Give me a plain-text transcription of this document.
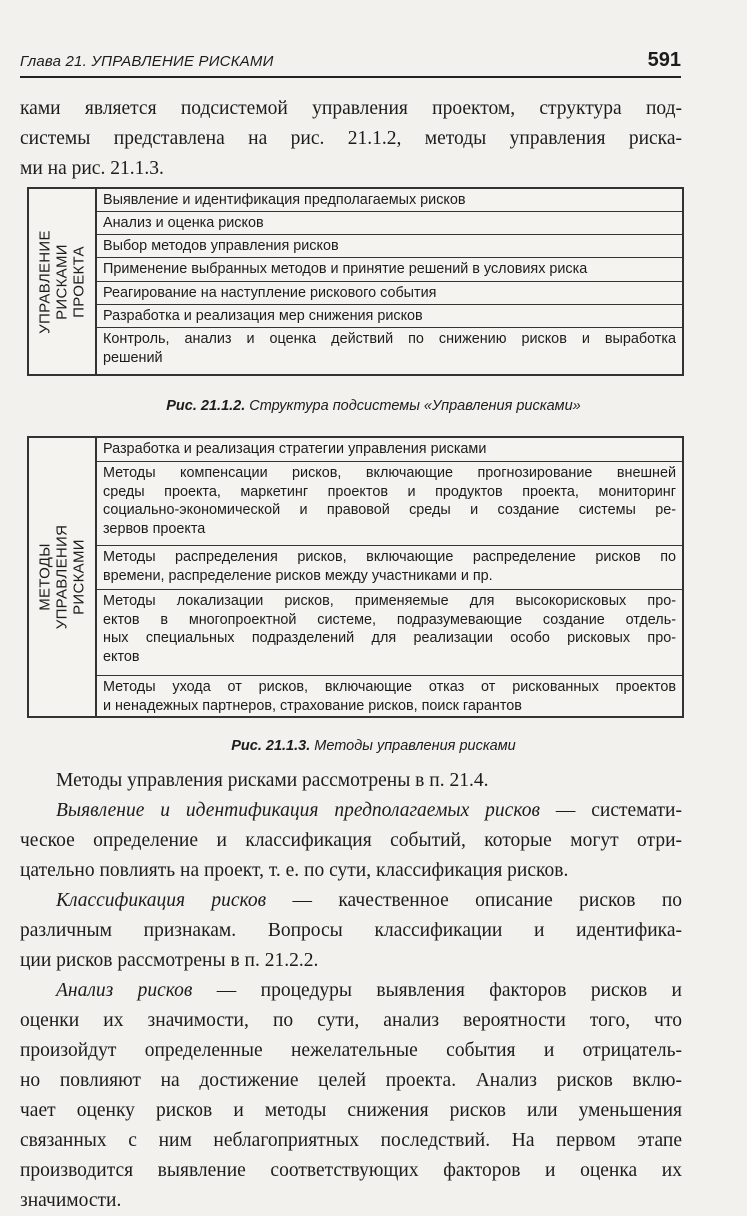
Глава 21. УПРАВЛЕНИЕ РИСКАМИ	591
ками является подсистемой управления проектом, структура под-
системы представлена на рис. 21.1.2, методы управления риска-
ми на рис. 21.1.3.
УПРАВЛЕНИЕ РИСКАМИ ПРОЕКТА
Выявление и идентификация предполагаемых рисков
Анализ и оценка рисков
Выбор методов управления рисков
Применение выбранных методов и принятие решений в условиях риска
Реагирование на наступление рискового события
Разработка и реализация мер снижения рисков
Контроль, анализ и оценка действий по снижению рисков и выработка
решений
Рис. 21.1.2. Структура подсистемы «Управления рисками»
МЕТОДЫ УПРАВЛЕНИЯ РИСКАМИ
Разработка и реализация стратегии управления рисками
Методы компенсации рисков, включающие прогнозирование внешней
среды проекта, маркетинг проектов и продуктов проекта, мониторинг
социально-экономической и правовой среды и создание системы ре-
зервов проекта
Методы распределения рисков, включающие распределение рисков по
времени, распределение рисков между участниками и пр.
Методы локализации рисков, применяемые для высокорисковых про-
ектов в многопроектной системе, подразумевающие создание отдель-
ных специальных подразделений для реализации особо рисковых про-
ектов
Методы ухода от рисков, включающие отказ от рискованных проектов
и ненадежных партнеров, страхование рисков, поиск гарантов
Рис. 21.1.3. Методы управления рисками
Методы управления рисками рассмотрены в п. 21.4.
Выявление и идентификация предполагаемых рисков — системати-
ческое определение и классификация событий, которые могут отри-
цательно повлиять на проект, т. е. по сути, классификация рисков.
Классификация рисков — качественное описание рисков по
различным признакам. Вопросы классификации и идентифика-
ции рисков рассмотрены в п. 21.2.2.
Анализ рисков — процедуры выявления факторов рисков и
оценки их значимости, по сути, анализ вероятности того, что
произойдут определенные нежелательные события и отрицатель-
но повлияют на достижение целей проекта. Анализ рисков вклю-
чает оценку рисков и методы снижения рисков или уменьшения
связанных с ним неблагоприятных последствий. На первом этапе
производится выявление соответствующих факторов и оценка их
значимости.
